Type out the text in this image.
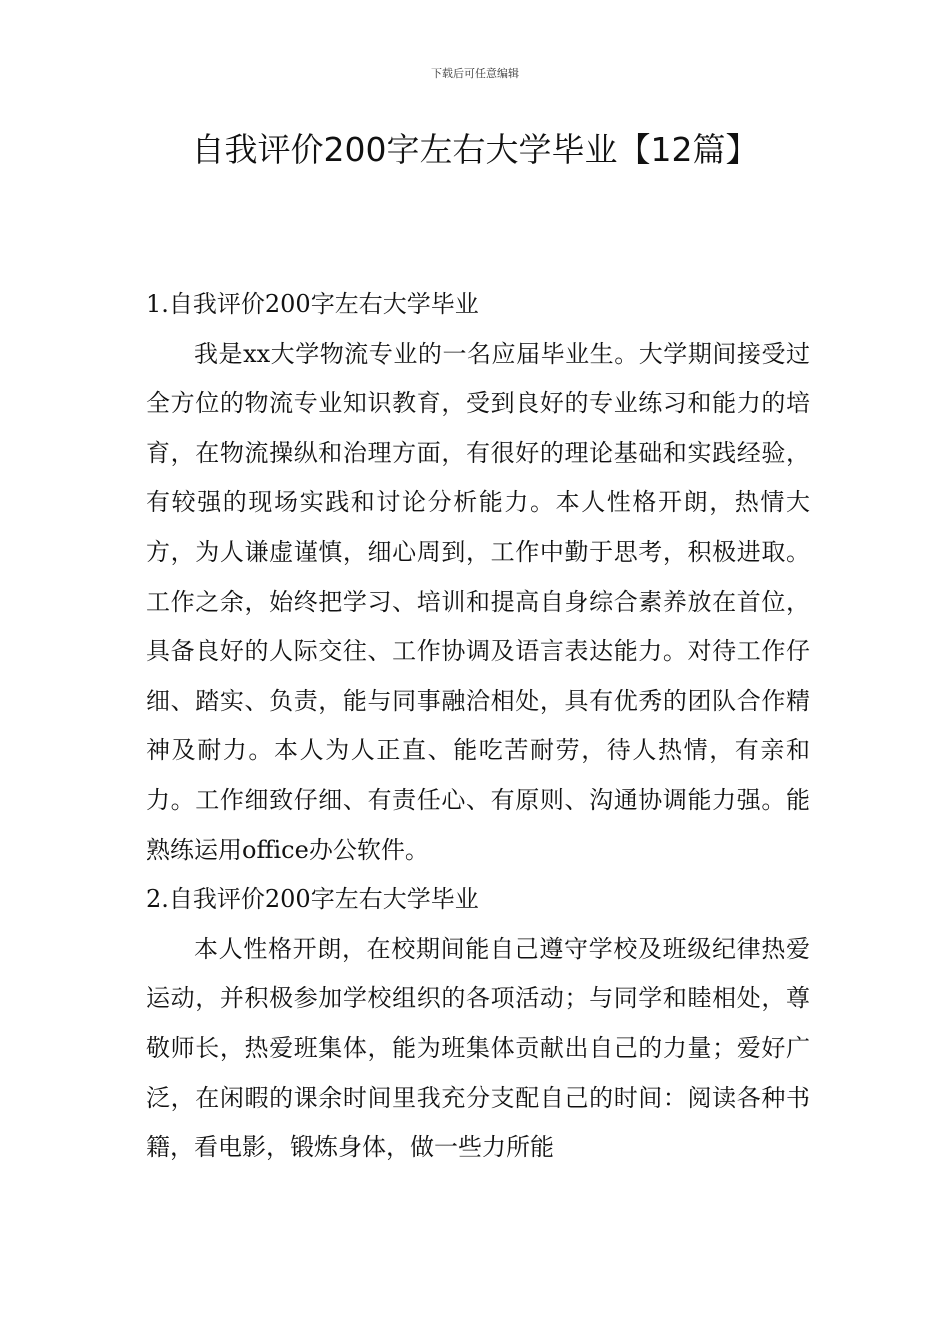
下载后可任意编辑
自我评价200字左右大学毕业【12篇】
1.自我评价200字左右大学毕业

我是xx大学物流专业的一名应届毕业生。大学期间接受过全方位的物流专业知识教育，受到良好的专业练习和能力的培育，在物流操纵和治理方面，有很好的理论基础和实践经验，有较强的现场实践和讨论分析能力。本人性格开朗，热情大方，为人谦虚谨慎，细心周到，工作中勤于思考，积极进取。工作之余，始终把学习、培训和提高自身综合素养放在首位，具备良好的人际交往、工作协调及语言表达能力。对待工作仔细、踏实、负责，能与同事融洽相处，具有优秀的团队合作精神及耐力。本人为人正直、能吃苦耐劳，待人热情，有亲和力。工作细致仔细、有责任心、有原则、沟通协调能力强。能熟练运用office办公软件。

2.自我评价200字左右大学毕业

本人性格开朗，在校期间能自己遵守学校及班级纪律热爱运动，并积极参加学校组织的各项活动；与同学和睦相处，尊敬师长，热爱班集体，能为班集体贡献出自己的力量；爱好广泛，在闲暇的课余时间里我充分支配自己的时间：阅读各种书籍，看电影，锻炼身体，做一些力所能
